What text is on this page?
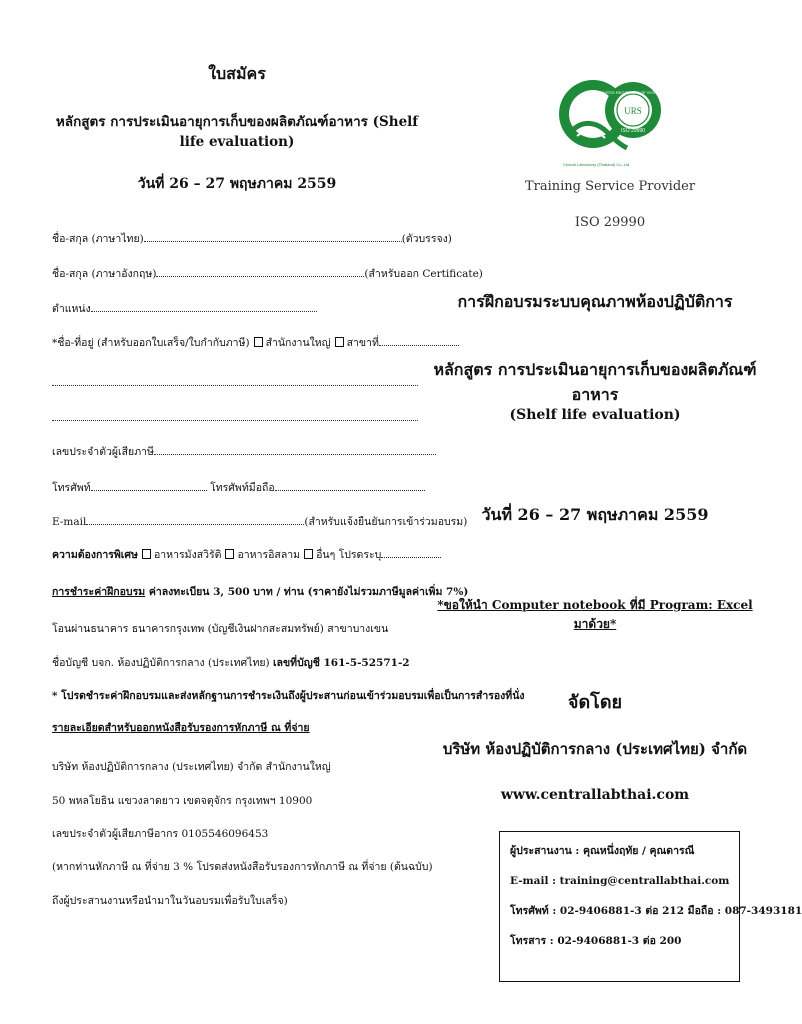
ใบสมัคร
หลักสูตร การประเมินอายุการเก็บของผลิตภัณฑ์อาหาร (Shelf life evaluation)
วันที่ 26 – 27 พฤษภาคม 2559
ชื่อ-สกุล (ภาษาไทย)	(ตัวบรรจง)
ชื่อ-สกุล (ภาษาอังกฤษ)	(สำหรับออก Certificate)
ตำแหน่ง
*ชื่อ-ที่อยู่ (สำหรับออกใบเสร็จ/ใบกำกับภาษี) สำนักงานใหญ่ สาขาที่
เลขประจำตัวผู้เสียภาษี
โทรศัพท์	โทรศัพท์มือถือ
E-mail	(สำหรับแจ้งยืนยันการเข้าร่วมอบรม)
ความต้องการพิเศษ อาหารมังสวิรัติ อาหารอิสลาม อื่นๆ โปรดระบุ
การชำระค่าฝึกอบรม ค่าลงทะเบียน 3, 500 บาท / ท่าน (ราคายังไม่รวมภาษีมูลค่าเพิ่ม 7%)
โอนผ่านธนาคาร ธนาคารกรุงเทพ (บัญชีเงินฝากสะสมทรัพย์) สาขาบางเขน
ชื่อบัญชี บจก. ห้องปฏิบัติการกลาง (ประเทศไทย) เลขที่บัญชี 161-5-52571-2
* โปรดชำระค่าฝึกอบรมและส่งหลักฐานการชำระเงินถึงผู้ประสานก่อนเข้าร่วมอบรมเพื่อเป็นการสำรองที่นั่ง
รายละเอียดสำหรับออกหนังสือรับรองการหักภาษี ณ ที่จ่าย
บริษัท ห้องปฏิบัติการกลาง (ประเทศไทย) จำกัด สำนักงานใหญ่
50 พหลโยธิน แขวงลาดยาว เขตจตุจักร กรุงเทพฯ 10900
เลขประจำตัวผู้เสียภาษีอากร 0105546096453
(หากท่านหักภาษี ณ ที่จ่าย 3 % โปรดส่งหนังสือรับรองการหักภาษี ณ ที่จ่าย (ต้นฉบับ)
ถึงผู้ประสานงานหรือนำมาในวันอบรมเพื่อรับใบเสร็จ)
URS
UNITED REGISTRAR OF SYSTEMS
ISO 29990
Central Laboratory (Thailand) Co.,Ltd.
Training Service Provider
ISO 29990
การฝึกอบรมระบบคุณภาพห้องปฏิบัติการ
หลักสูตร การประเมินอายุการเก็บของผลิตภัณฑ์อาหาร
(Shelf life evaluation)
วันที่ 26 – 27 พฤษภาคม 2559
*ขอให้นำ Computer notebook ที่มี Program: Excel มาด้วย*
จัดโดย
บริษัท ห้องปฏิบัติการกลาง (ประเทศไทย) จำกัด
www.centrallabthai.com
ผู้ประสานงาน : คุณหนึ่งฤทัย / คุณดารณี
E-mail : training@centrallabthai.com
โทรศัพท์ : 02-9406881-3 ต่อ 212 มือถือ : 087-3493181
โทรสาร : 02-9406881-3 ต่อ 200
